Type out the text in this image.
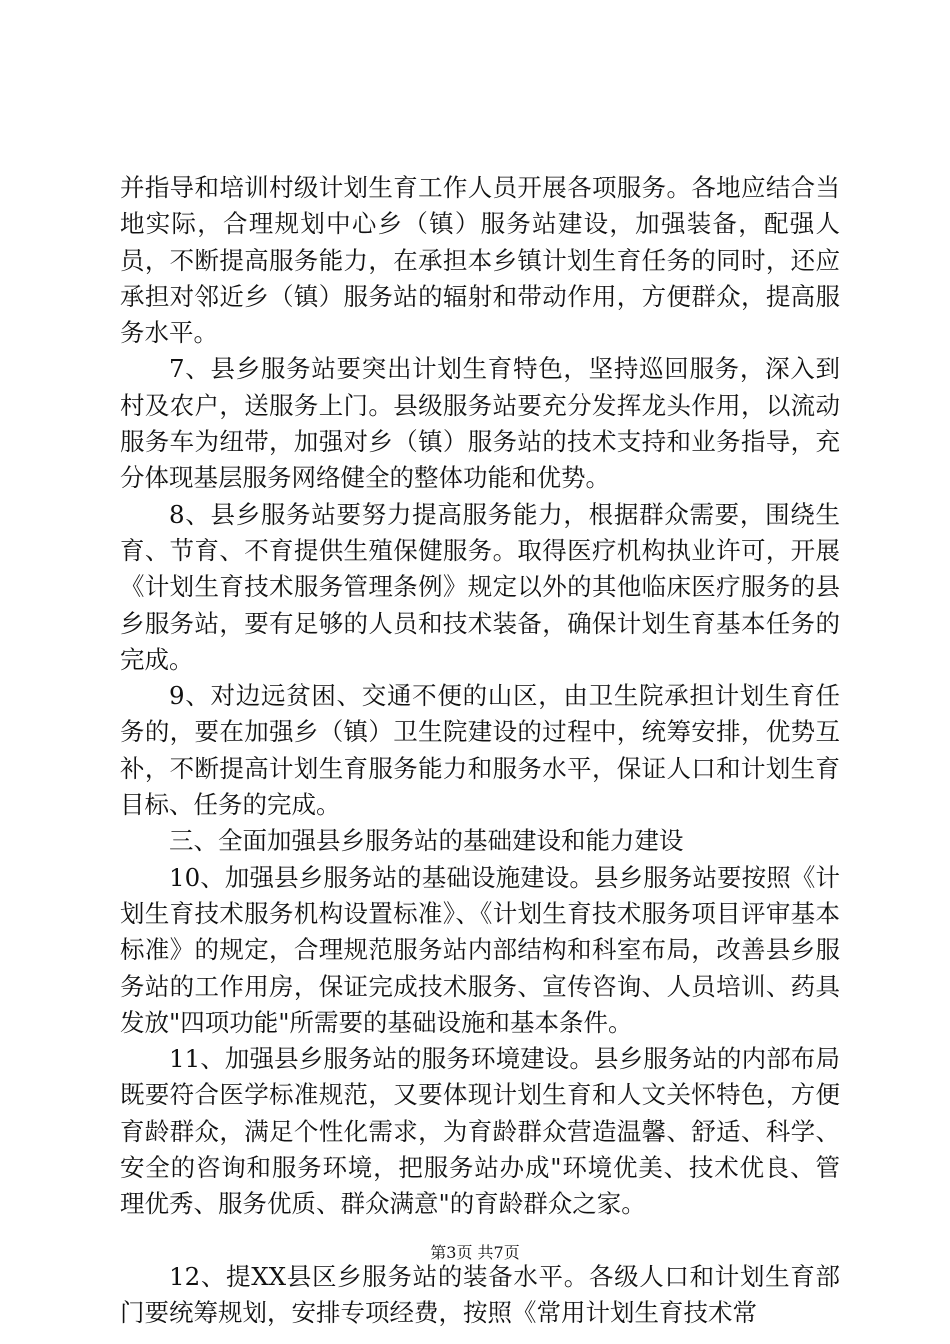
并指导和培训村级计划生育工作人员开展各项服务。各地应结合当地实际，合理规划中心乡（镇）服务站建设，加强装备，配强人员，不断提高服务能力，在承担本乡镇计划生育任务的同时，还应承担对邻近乡（镇）服务站的辐射和带动作用，方便群众，提高服务水平。

7、县乡服务站要突出计划生育特色，坚持巡回服务，深入到村及农户，送服务上门。县级服务站要充分发挥龙头作用，以流动服务车为纽带，加强对乡（镇）服务站的技术支持和业务指导，充分体现基层服务网络健全的整体功能和优势。

8、县乡服务站要努力提高服务能力，根据群众需要，围绕生育、节育、不育提供生殖保健服务。取得医疗机构执业许可，开展《计划生育技术服务管理条例》规定以外的其他临床医疗服务的县乡服务站，要有足够的人员和技术装备，确保计划生育基本任务的完成。

9、对边远贫困、交通不便的山区，由卫生院承担计划生育任务的，要在加强乡（镇）卫生院建设的过程中，统筹安排，优势互补，不断提高计划生育服务能力和服务水平，保证人口和计划生育目标、任务的完成。

三、全面加强县乡服务站的基础建设和能力建设

10、加强县乡服务站的基础设施建设。县乡服务站要按照《计划生育技术服务机构设置标准》、《计划生育技术服务项目评审基本标准》的规定，合理规范服务站内部结构和科室布局，改善县乡服务站的工作用房，保证完成技术服务、宣传咨询、人员培训、药具发放"四项功能"所需要的基础设施和基本条件。

11、加强县乡服务站的服务环境建设。县乡服务站的内部布局既要符合医学标准规范，又要体现计划生育和人文关怀特色，方便育龄群众，满足个性化需求，为育龄群众营造温馨、舒适、科学、安全的咨询和服务环境，把服务站办成"环境优美、技术优良、管理优秀、服务优质、群众满意"的育龄群众之家。

12、提XX县区乡服务站的装备水平。各级人口和计划生育部门要统筹规划，安排专项经费，按照《常用计划生育技术常

第3页 共7页
